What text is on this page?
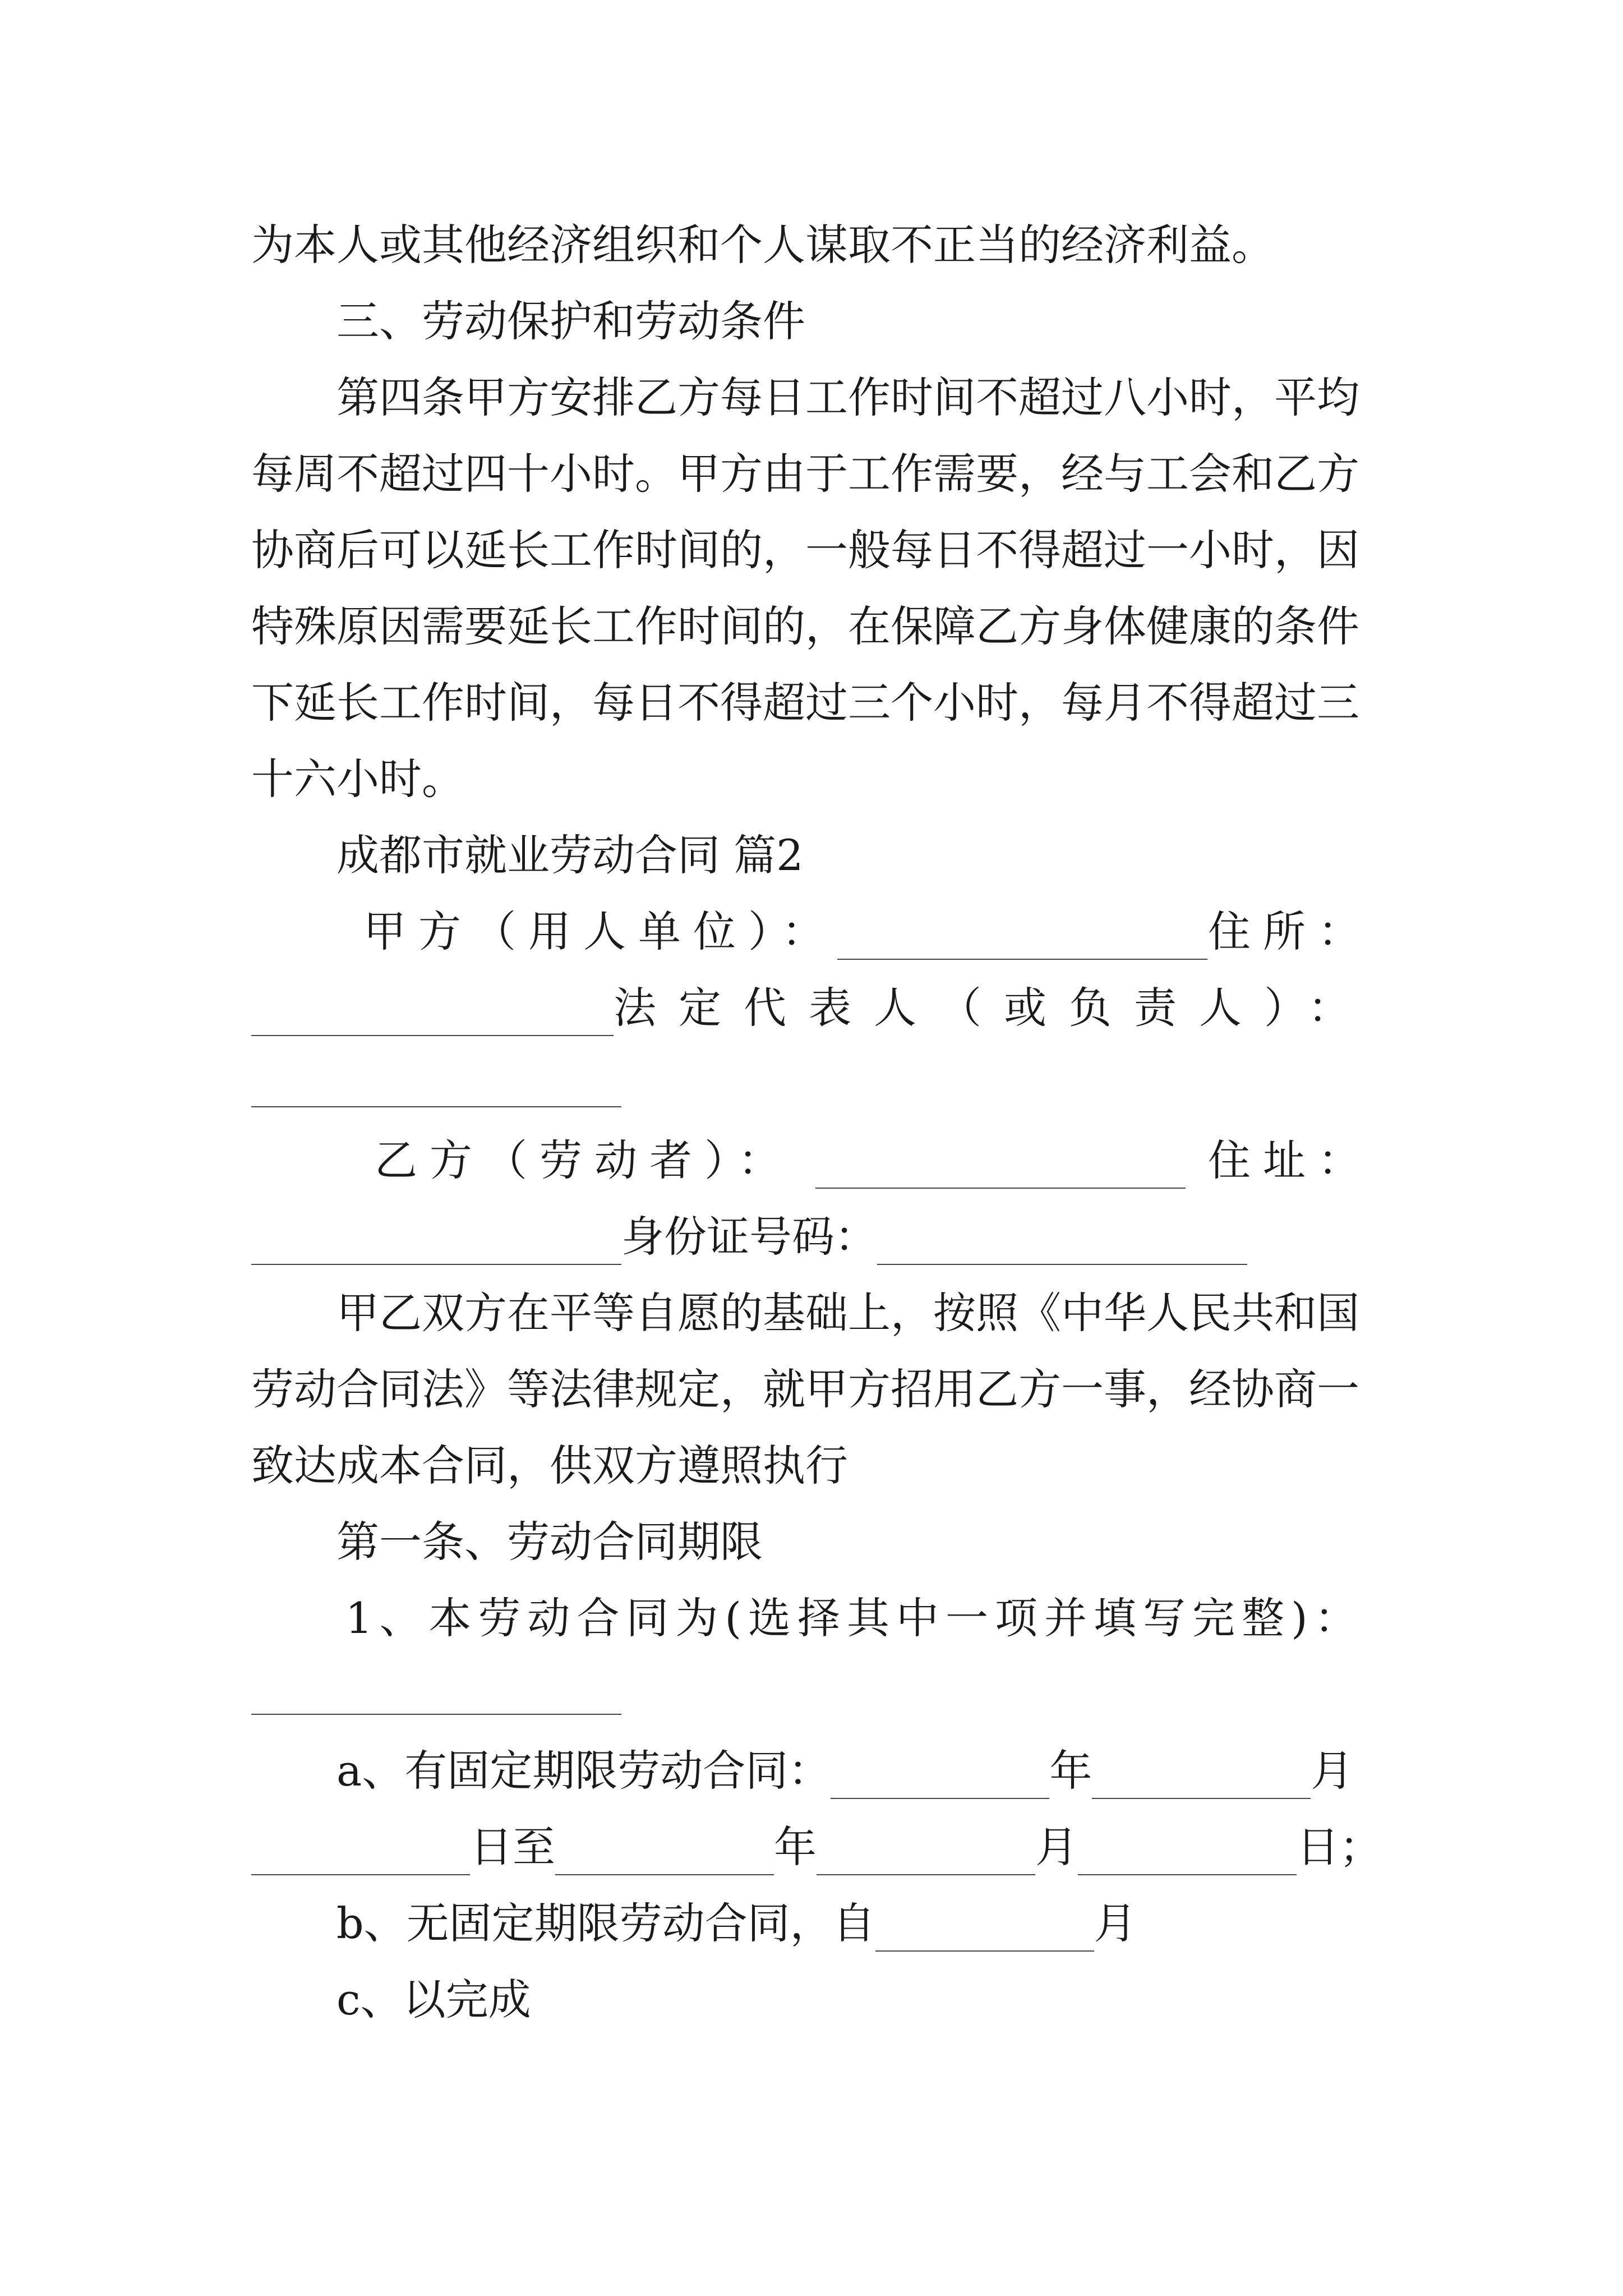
为本人或其他经济组织和个人谋取不正当的经济利益。
三、劳动保护和劳动条件
第四条甲方安排乙方每日工作时间不超过八小时，平均
每周不超过四十小时。甲方由于工作需要，经与工会和乙方
协商后可以延长工作时间的，一般每日不得超过一小时，因
特殊原因需要延长工作时间的，在保障乙方身体健康的条件
下延长工作时间，每日不得超过三个小时，每月不得超过三
十六小时。
成都市就业劳动合同 篇2
甲方（用人单位）：	住所：
法定代表人（或负责人）：
乙方（劳动者）：	住址：
身份证号码：
甲乙双方在平等自愿的基础上，按照《中华人民共和国
劳动合同法》等法律规定，就甲方招用乙方一事，经协商一
致达成本合同，供双方遵照执行
第一条、劳动合同期限
1、本劳动合同为(选择其中一项并填写完整)：
a、有固定期限劳动合同：	年	月
日至	年	月	日；
b、无固定期限劳动合同，自	月
c、以完成
